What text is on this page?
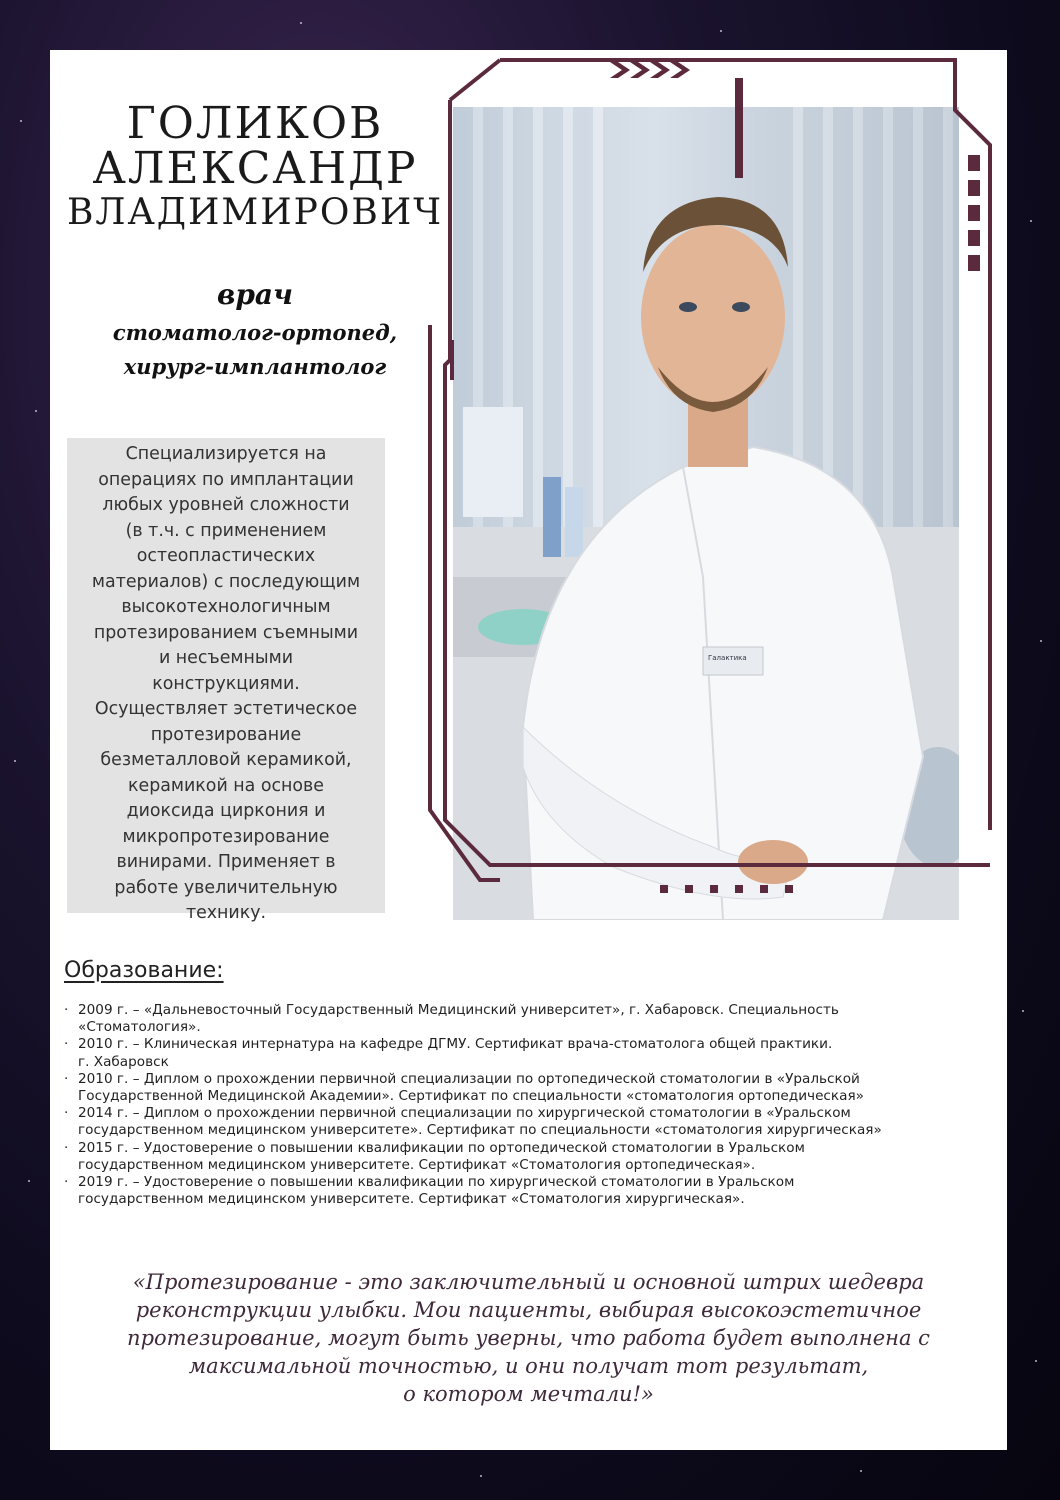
ГОЛИКОВ
АЛЕКСАНДР
ВЛАДИМИРОВИЧ
врач
стоматолог-ортопед,
хирург-имплантолог
Специализируется на
операциях по имплантации
любых уровней сложности
(в т.ч. с применением
остеопластических
материалов) с последующим
высокотехнологичным
протезированием съемными
и несъемными
конструкциями.
Осуществляет эстетическое
протезирование
безметалловой керамикой,
керамикой на основе
диоксида циркония и
микропротезирование
винирами. Применяет в
работе увеличительную
технику.
Галактика
Образование:
· 2009 г. – «Дальневосточный Государственный Медицинский университет», г. Хабаровск. Специальность
«Стоматология».
· 2010 г. – Клиническая интернатура на кафедре ДГМУ. Сертификат врача-стоматолога общей практики.
г. Хабаровск
· 2010 г. – Диплом о прохождении первичной специализации по ортопедической стоматологии в «Уральской
Государственной Медицинской Академии». Сертификат по специальности «стоматология ортопедическая»
· 2014 г. – Диплом о прохождении первичной специализации по хирургической стоматологии в «Уральском
государственном медицинском университете». Сертификат по специальности «стоматология хирургическая»
· 2015 г. – Удостоверение о повышении квалификации по ортопедической стоматологии в Уральском
государственном медицинском университете. Сертификат «Стоматология ортопедическая».
· 2019 г. – Удостоверение о повышении квалификации по хирургической стоматологии в Уральском
государственном медицинском университете. Сертификат «Стоматология хирургическая».
«Протезирование - это заключительный и основной штрих шедевра
реконструкции улыбки. Мои пациенты, выбирая высокоэстетичное
протезирование, могут быть уверны, что работа будет выполнена с
максимальной точностью, и они получат тот результат,
о котором мечтали!»
